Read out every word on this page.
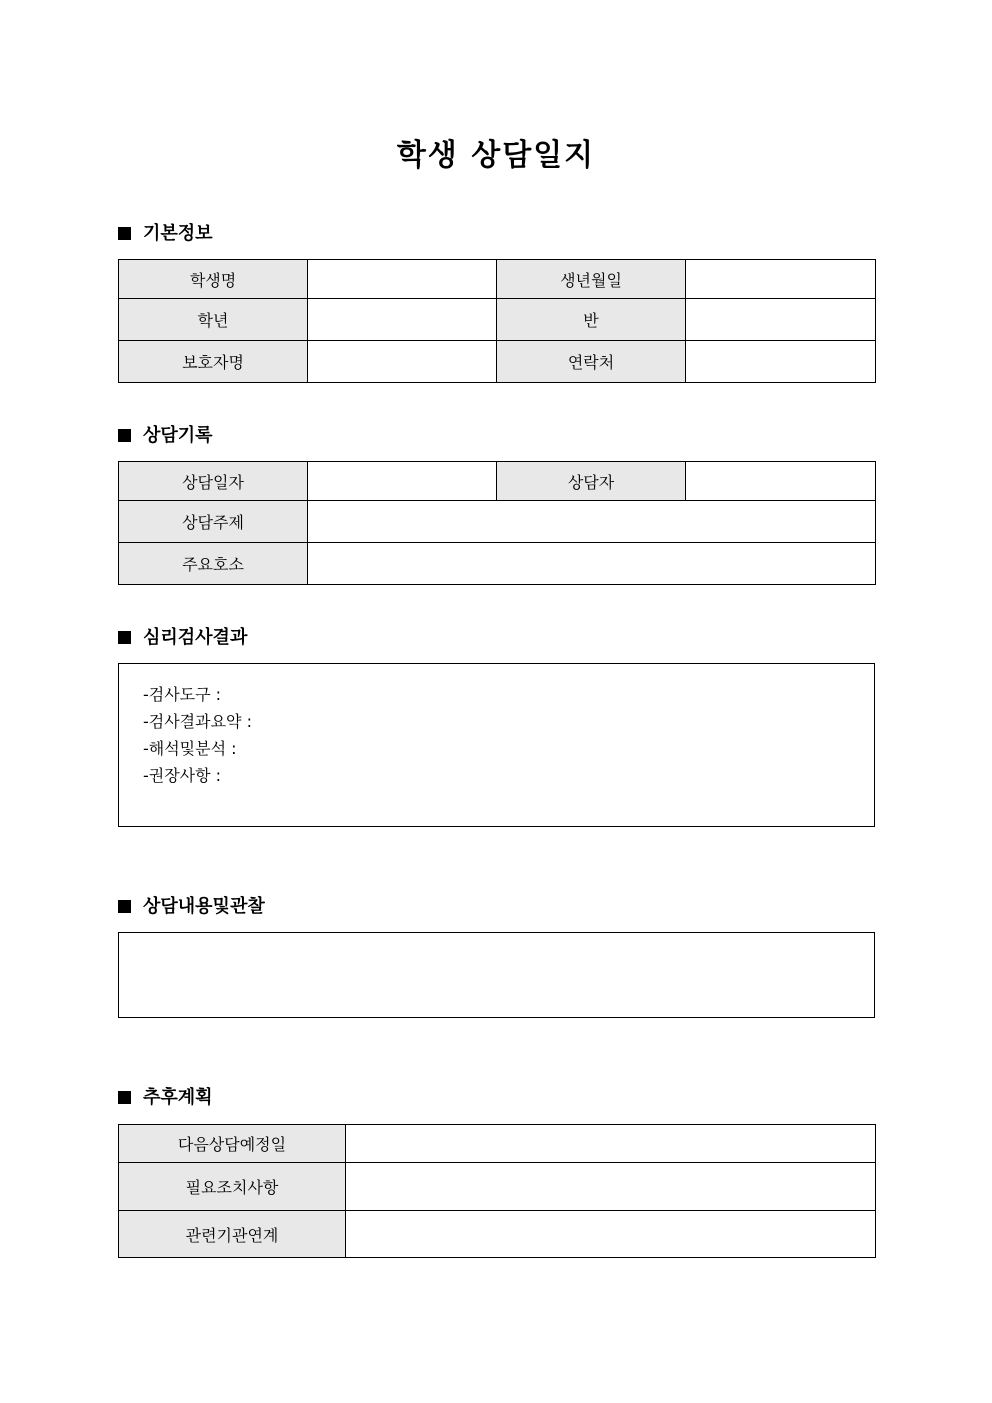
학생 상담일지
기본정보
학생명		생년월일	
학년		반	
보호자명		연락처	
상담기록
상담일자		상담자	
상담주제			
주요호소			
심리검사결과
-검사도구 :
-검사결과요약 :
-해석및분석 :
-권장사항 :
상담내용및관찰
추후계획
다음상담예정일	
필요조치사항	
관련기관연계	
